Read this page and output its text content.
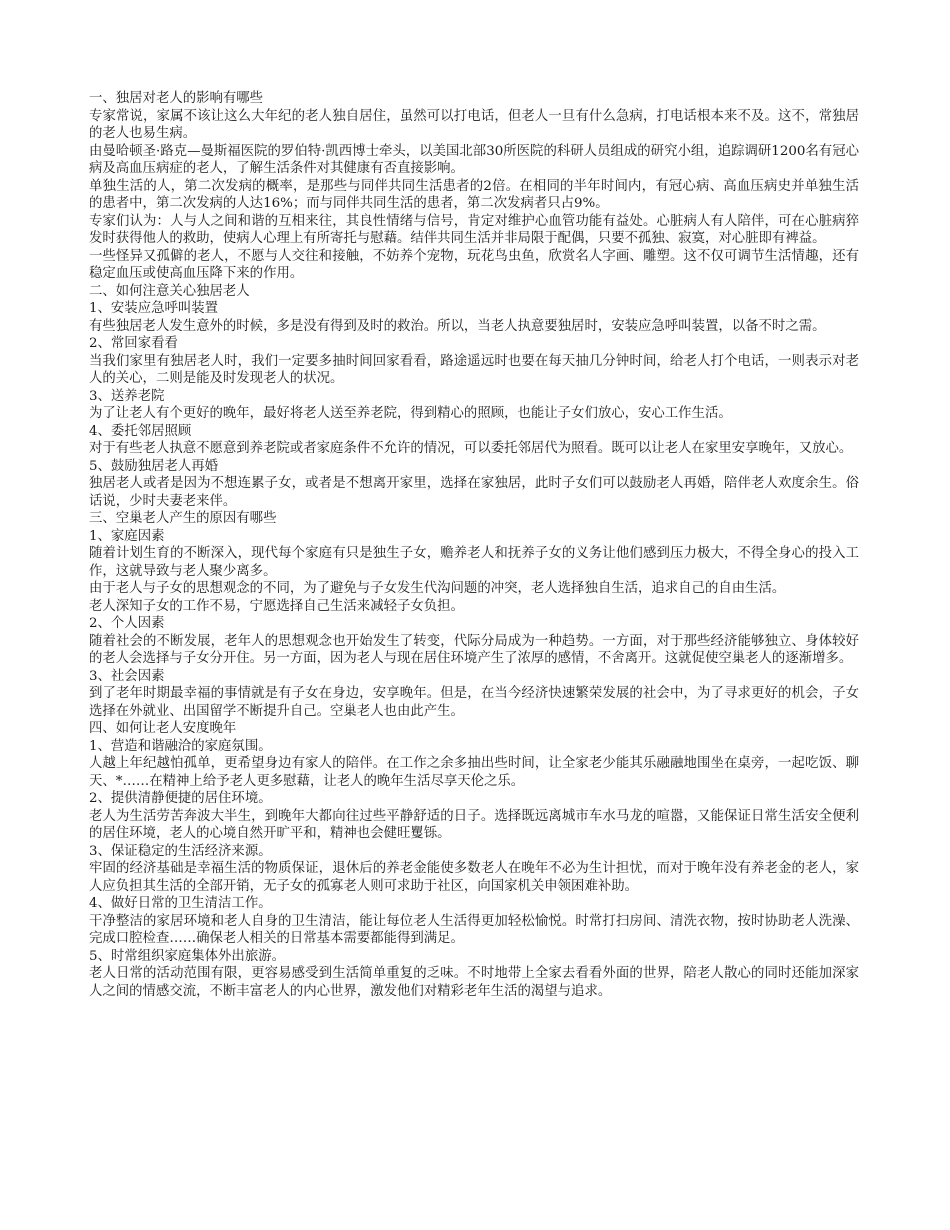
一、独居对老人的影响有哪些

专家常说，家属不该让这么大年纪的老人独自居住，虽然可以打电话，但老人一旦有什么急病，打电话根本来不及。这不，常独居的老人也易生病。

由曼哈顿圣·路克—曼斯福医院的罗伯特·凯西博士牵头，以美国北部30所医院的科研人员组成的研究小组，追踪调研1200名有冠心病及高血压病症的老人，了解生活条件对其健康有否直接影响。

单独生活的人，第二次发病的概率，是那些与同伴共同生活患者的2倍。在相同的半年时间内，有冠心病、高血压病史并单独生活的患者中，第二次发病的人达16%；而与同伴共同生活的患者，第二次发病者只占9%。

专家们认为：人与人之间和谐的互相来往，其良性情绪与信号，肯定对维护心血管功能有益处。心脏病人有人陪伴，可在心脏病猝发时获得他人的救助，使病人心理上有所寄托与慰藉。结伴共同生活并非局限于配偶，只要不孤独、寂寞，对心脏即有裨益。

一些怪异又孤僻的老人，不愿与人交往和接触，不妨养个宠物，玩花鸟虫鱼，欣赏名人字画、雕塑。这不仅可调节生活情趣，还有稳定血压或使高血压降下来的作用。

二、如何注意关心独居老人

1、安装应急呼叫装置

有些独居老人发生意外的时候，多是没有得到及时的救治。所以，当老人执意要独居时，安装应急呼叫装置，以备不时之需。

2、常回家看看

当我们家里有独居老人时，我们一定要多抽时间回家看看，路途遥远时也要在每天抽几分钟时间，给老人打个电话，一则表示对老人的关心，二则是能及时发现老人的状况。

3、送养老院

为了让老人有个更好的晚年，最好将老人送至养老院，得到精心的照顾，也能让子女们放心，安心工作生活。

4、委托邻居照顾

对于有些老人执意不愿意到养老院或者家庭条件不允许的情况，可以委托邻居代为照看。既可以让老人在家里安享晚年，又放心。

5、鼓励独居老人再婚

独居老人或者是因为不想连累子女，或者是不想离开家里，选择在家独居，此时子女们可以鼓励老人再婚，陪伴老人欢度余生。俗话说，少时夫妻老来伴。

三、空巢老人产生的原因有哪些

1、家庭因素

随着计划生育的不断深入，现代每个家庭有只是独生子女，赡养老人和抚养子女的义务让他们感到压力极大，不得全身心的投入工作，这就导致与老人聚少离多。

由于老人与子女的思想观念的不同，为了避免与子女发生代沟问题的冲突，老人选择独自生活，追求自己的自由生活。

老人深知子女的工作不易，宁愿选择自己生活来减轻子女负担。

2、个人因素

随着社会的不断发展，老年人的思想观念也开始发生了转变，代际分局成为一种趋势。一方面，对于那些经济能够独立、身体较好的老人会选择与子女分开住。另一方面，因为老人与现在居住环境产生了浓厚的感情，不舍离开。这就促使空巢老人的逐渐增多。

3、社会因素

到了老年时期最幸福的事情就是有子女在身边，安享晚年。但是，在当今经济快速繁荣发展的社会中，为了寻求更好的机会，子女选择在外就业、出国留学不断提升自己。空巢老人也由此产生。

四、如何让老人安度晚年

1、营造和谐融洽的家庭氛围。

人越上年纪越怕孤单，更希望身边有家人的陪伴。在工作之余多抽出些时间，让全家老少能其乐融融地围坐在桌旁，一起吃饭、聊天、*……在精神上给予老人更多慰藉，让老人的晚年生活尽享天伦之乐。

2、提供清静便捷的居住环境。

老人为生活劳苦奔波大半生，到晚年大都向往过些平静舒适的日子。选择既远离城市车水马龙的喧嚣，又能保证日常生活安全便利的居住环境，老人的心境自然开旷平和，精神也会健旺矍铄。

3、保证稳定的生活经济来源。

牢固的经济基础是幸福生活的物质保证，退休后的养老金能使多数老人在晚年不必为生计担忧，而对于晚年没有养老金的老人，家人应负担其生活的全部开销，无子女的孤寡老人则可求助于社区，向国家机关申领困难补助。

4、做好日常的卫生清洁工作。

干净整洁的家居环境和老人自身的卫生清洁，能让每位老人生活得更加轻松愉悦。时常打扫房间、清洗衣物，按时协助老人洗澡、完成口腔检查……确保老人相关的日常基本需要都能得到满足。

5、时常组织家庭集体外出旅游。

老人日常的活动范围有限，更容易感受到生活简单重复的乏味。不时地带上全家去看看外面的世界，陪老人散心的同时还能加深家人之间的情感交流，不断丰富老人的内心世界，激发他们对精彩老年生活的渴望与追求。
